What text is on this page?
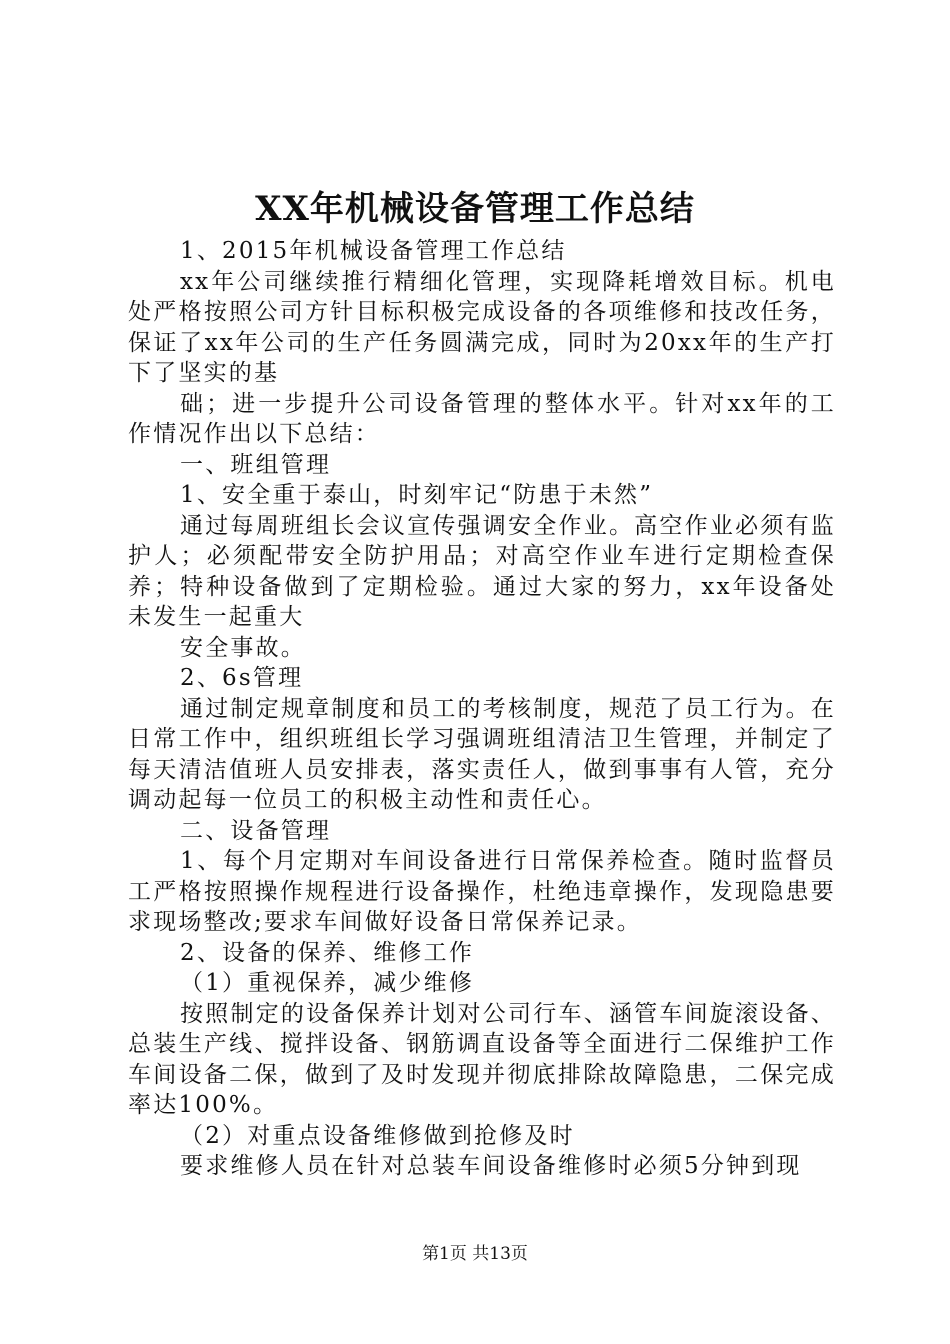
XX年机械设备管理工作总结

1、2015年机械设备管理工作总结

xx年公司继续推行精细化管理，实现降耗增效目标。机电处严格按照公司方针目标积极完成设备的各项维修和技改任务，保证了xx年公司的生产任务圆满完成，同时为20xx年的生产打下了坚实的基

础；进一步提升公司设备管理的整体水平。针对xx年的工作情况作出以下总结：

一、班组管理

1、安全重于泰山，时刻牢记“防患于未然”

通过每周班组长会议宣传强调安全作业。高空作业必须有监护人；必须配带安全防护用品；对高空作业车进行定期检查保养；特种设备做到了定期检验。通过大家的努力，xx年设备处未发生一起重大

安全事故。

2、6s管理

通过制定规章制度和员工的考核制度，规范了员工行为。在日常工作中，组织班组长学习强调班组清洁卫生管理，并制定了每天清洁值班人员安排表，落实责任人，做到事事有人管，充分调动起每一位员工的积极主动性和责任心。

二、设备管理

1、每个月定期对车间设备进行日常保养检查。随时监督员工严格按照操作规程进行设备操作，杜绝违章操作，发现隐患要求现场整改;要求车间做好设备日常保养记录。

2、设备的保养、维修工作

（1）重视保养，减少维修

按照制定的设备保养计划对公司行车、涵管车间旋滚设备、总装生产线、搅拌设备、钢筋调直设备等全面进行二保维护工作车间设备二保，做到了及时发现并彻底排除故障隐患，二保完成率达100%。

（2）对重点设备维修做到抢修及时

要求维修人员在针对总装车间设备维修时必须5分钟到现

第1页 共13页
